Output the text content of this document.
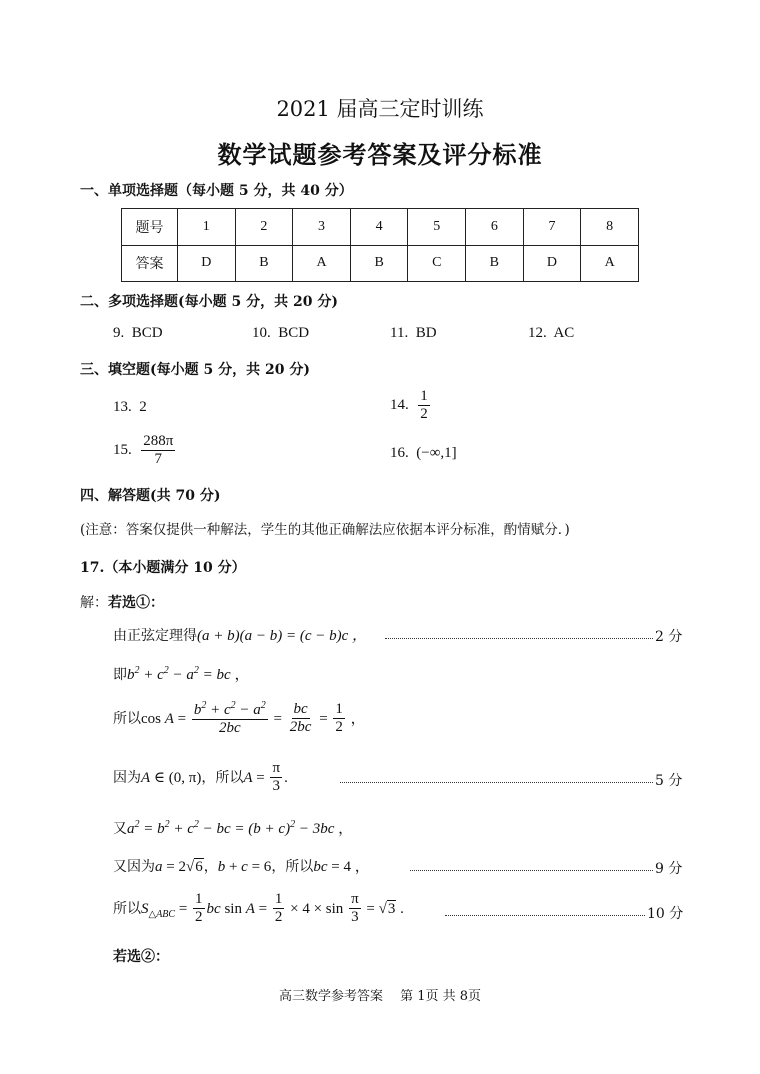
2021 届高三定时训练
数学试题参考答案及评分标准
一、单项选择题（每小题 5 分，共 40 分）
题号	1	2	3	4	5	6	7	8
答案	D	B	A	B	C	B	D	A
二、多项选择题(每小题 5 分，共 20 分)
9. BCD	10. BCD	11. BD	12. AC
三、填空题(每小题 5 分，共 20 分)
13. 2	14. $\frac{1}{2}$
15. $\frac{288\pi}{7}$	16. (−∞,1]
四、解答题(共 70 分)
(注意：答案仅提供一种解法，学生的其他正确解法应依据本评分标准，酌情赋分．)
17.（本小题满分 10 分）
解：若选①：
由正弦定理得(a + b)(a − b) = (c − b)c ，	2 分
即$b^2 + c^2 - a^2$ = bc ，
所以$\cos A = \frac{b^2 + c^2 - a^2}{2bc} = \frac{bc}{2bc} = \frac{1}{2}$ ，
因为A ∈ (0, π)，所以$A = \frac{\pi}{3}$ .	5 分
又$a^2 = b^2 + c^2$ − bc = $(b + c)^2 - 3bc$ ，
又因为a = 2√6，b + c = 6，所以bc = 4 ，	9 分
所以$S_{\triangle ABC} = \frac{1}{2}$ bc $\sin A = \frac{1}{2} \times 4 \times \sin \frac{\pi}{3} = √3$ .	10 分
若选②：
高三数学参考答案　 第 1页 共 8页
